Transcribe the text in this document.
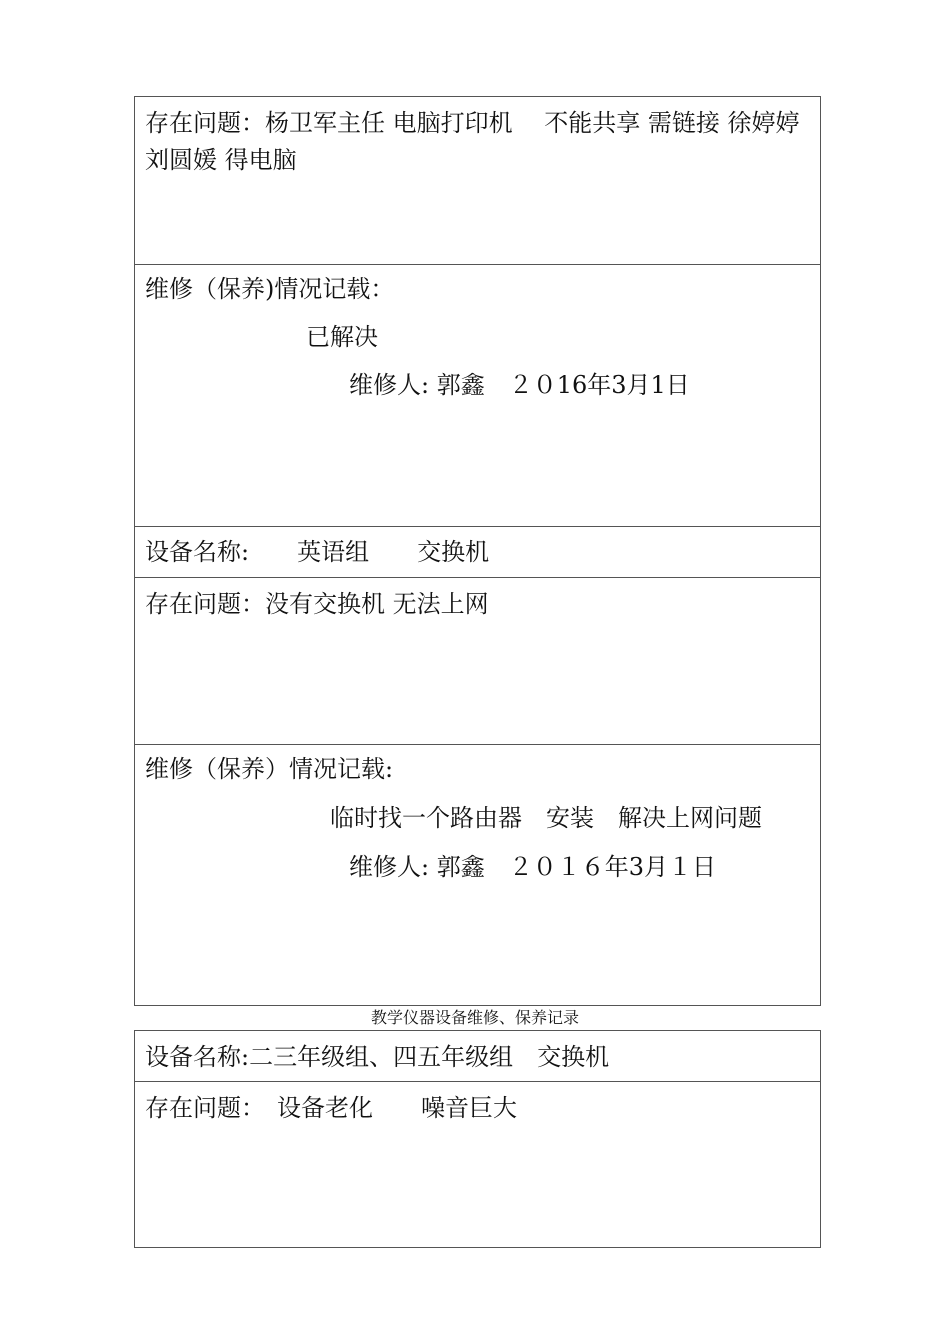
存在问题：杨卫军主任 电脑打印机　 不能共享 需链接 徐婷婷 刘圆媛 得电脑
维修（保养)情况记载：
已解决
维修人: 郭鑫　２０16年3月1日
设备名称:　　英语组　　交换机
存在问题：没有交换机 无法上网
维修（保养）情况记载:
临时找一个路由器　安装　解决上网问题
维修人: 郭鑫　２０１６年3月１日
教学仪器设备维修、保养记录
设备名称:二三年级组、四五年级组　交换机
存在问题：　设备老化　　噪音巨大
